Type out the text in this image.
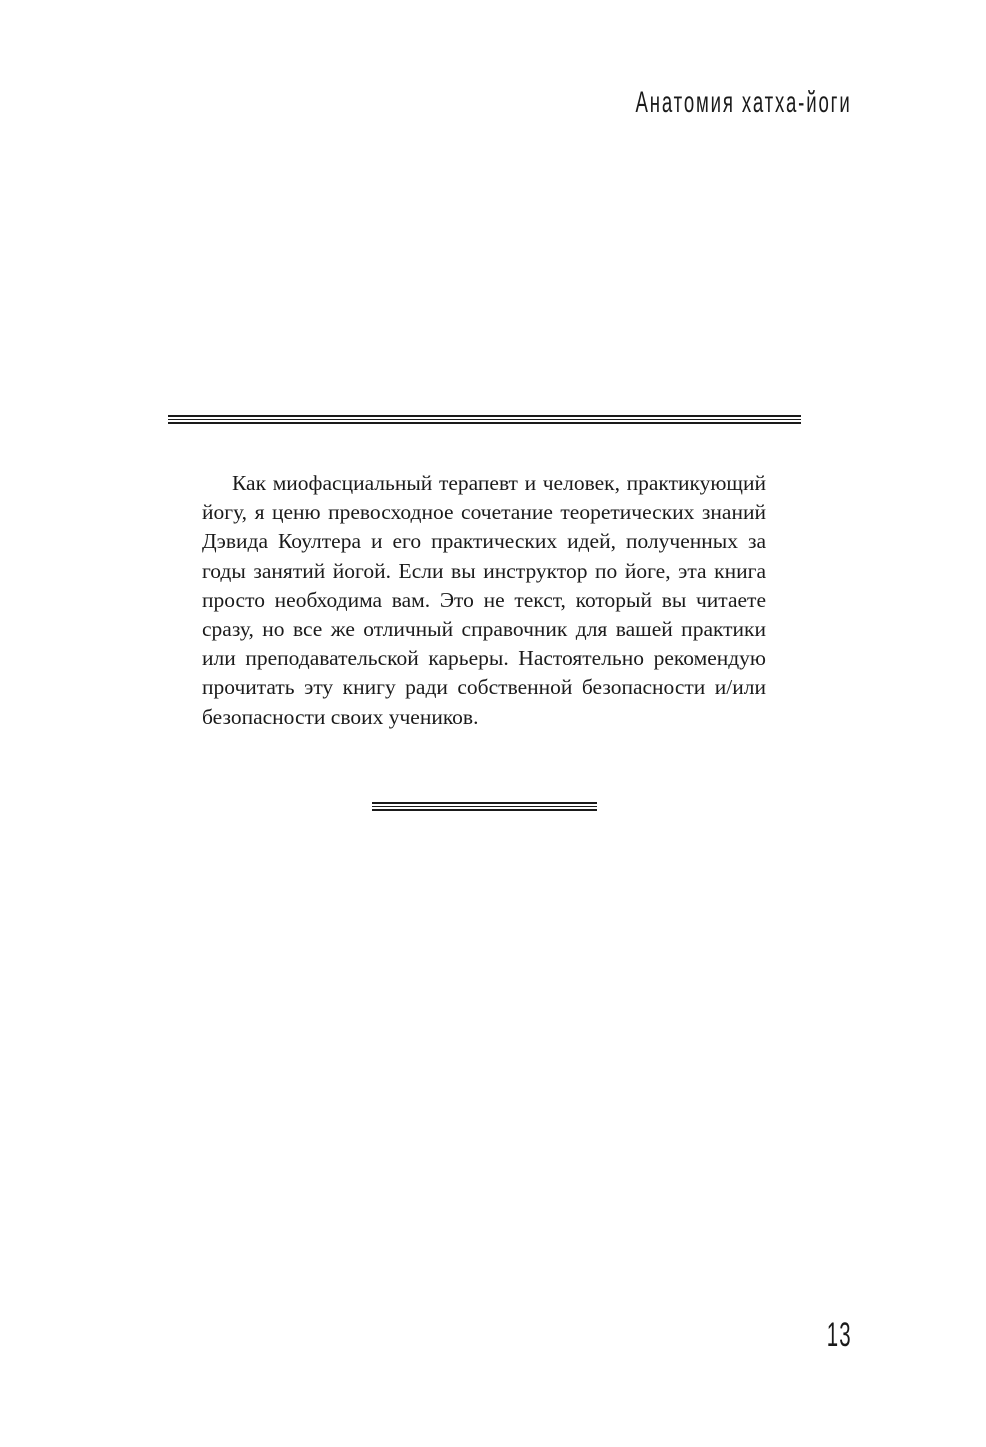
Анатомия хатха-йоги

Как миофасциальный терапевт и человек, практикующий йогу, я ценю превосходное сочетание теоретических знаний Дэвида Коултера и его практических идей, полученных за годы занятий йогой. Если вы инструктор по йоге, эта книга просто необходима вам. Это не текст, который вы читаете сразу, но все же отличный справочник для вашей практики или преподавательской карьеры. Настоятельно рекомендую прочитать эту книгу ради собственной безопасности и/или безопасности своих учеников.

13
